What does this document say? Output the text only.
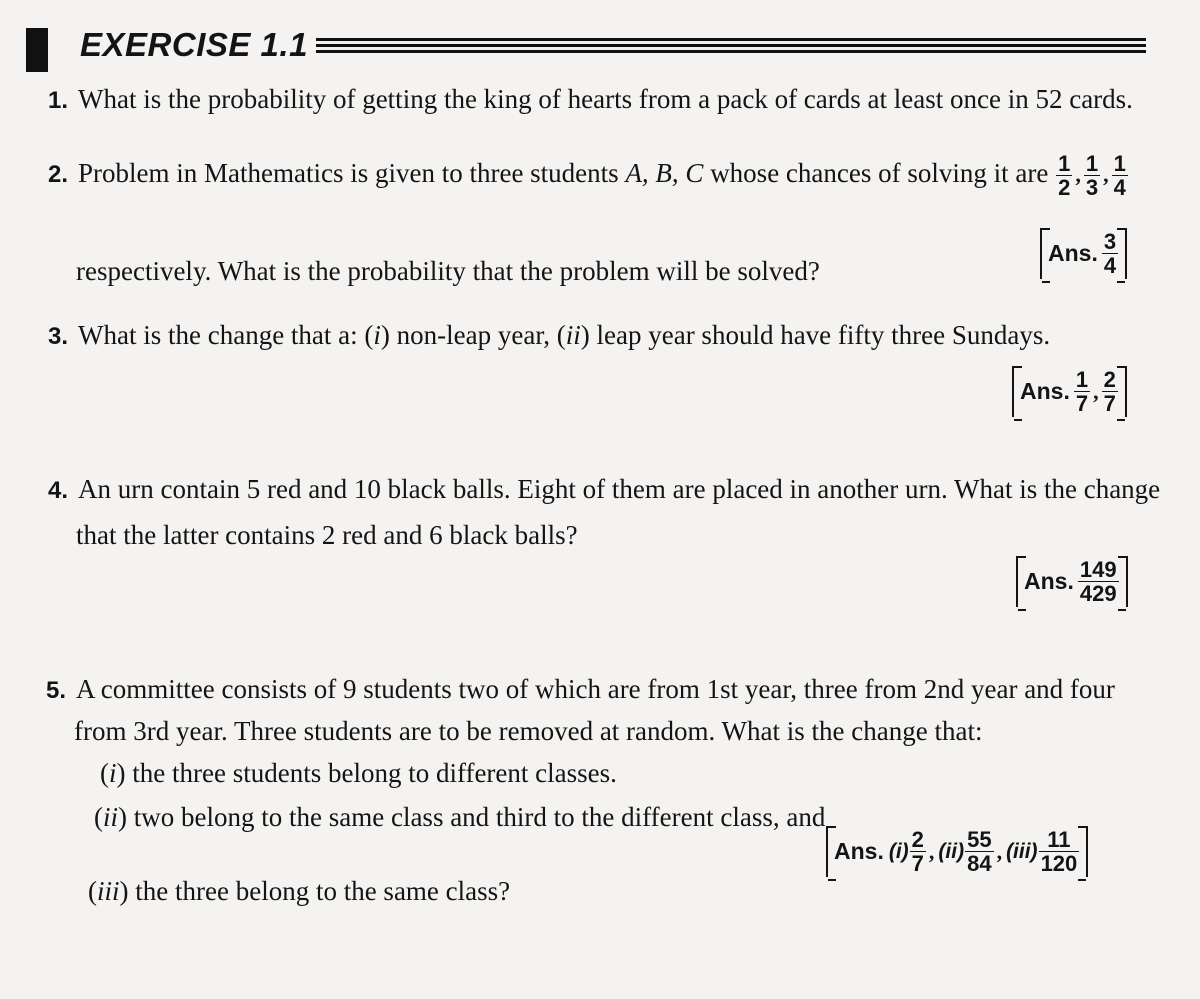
EXERCISE 1.1
1. What is the probability of getting the king of hearts from a pack of cards at least once in 52 cards.
2. Problem in Mathematics is given to three students A, B, C whose chances of solving it are $\frac{1}{2}$ , $\frac{1}{3}$ , $\frac{1}{4}$
respectively. What is the probability that the problem will be solved?
Ans. $\frac{3}{4}$
3. What is the change that a: (i) non-leap year, (ii) leap year should have fifty three Sundays.
Ans. $\frac{1}{7}$ , $\frac{2}{7}$
4. An urn contain 5 red and 10 black balls. Eight of them are placed in another urn. What is the change
that the latter contains 2 red and 6 black balls?
Ans. $\frac{149}{429}$
5. A committee consists of 9 students two of which are from 1st year, three from 2nd year and four
from 3rd year. Three students are to be removed at random. What is the change that:
(i) the three students belong to different classes.
(ii) two belong to the same class and third to the different class, and
(iii) the three belong to the same class?
Ans. $(i) \frac{2}{7}$ , $(ii) \frac{55}{84}$ , $(iii) \frac{11}{120}$
